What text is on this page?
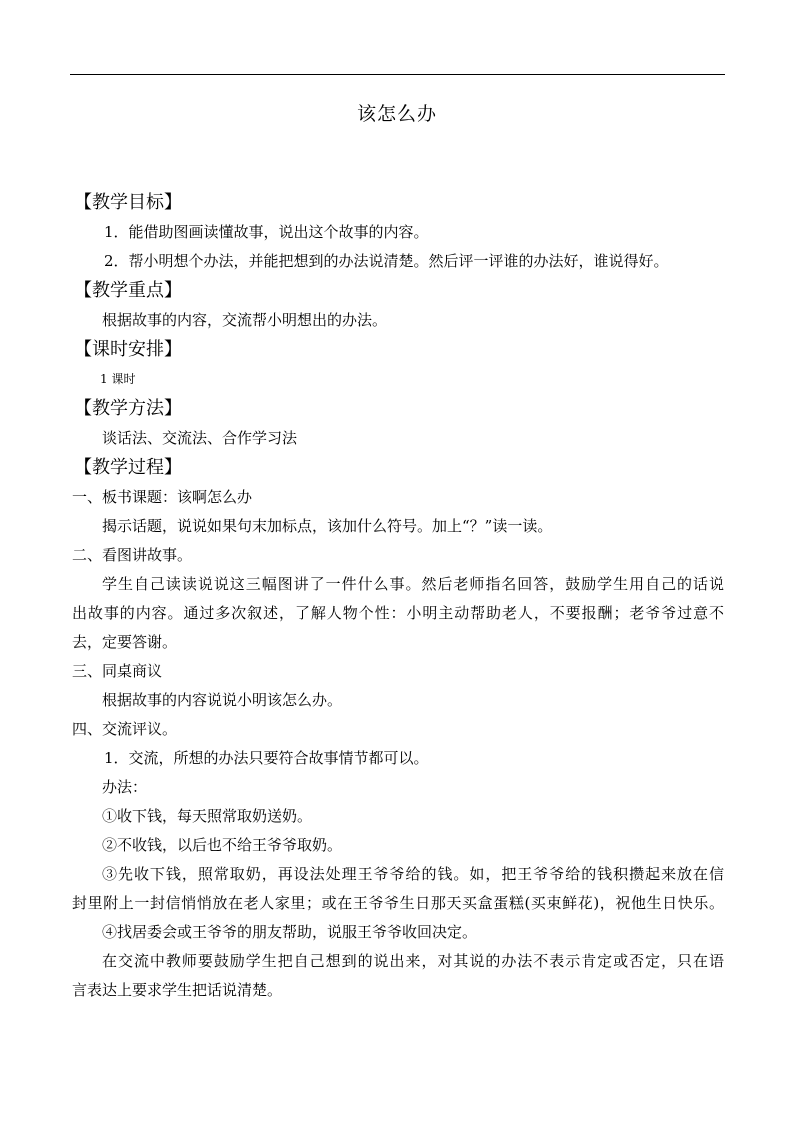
该怎么办
【教学目标】
1．能借助图画读懂故事，说出这个故事的内容。
2．帮小明想个办法，并能把想到的办法说清楚。然后评一评谁的办法好，谁说得好。
【教学重点】
根据故事的内容，交流帮小明想出的办法。
【课时安排】
1 课时
【教学方法】
谈话法、交流法、合作学习法
【教学过程】
一、板书课题：该啊怎么办
揭示话题，说说如果句末加标点，该加什么符号。加上“？”读一读。
二、看图讲故事。
学生自己读读说说这三幅图讲了一件什么事。然后老师指名回答，鼓励学生用自己的话说
出故事的内容。通过多次叙述，了解人物个性：小明主动帮助老人，不要报酬；老爷爷过意不
去，定要答谢。
三、同桌商议
根据故事的内容说说小明该怎么办。
四、交流评议。
1．交流，所想的办法只要符合故事情节都可以。
办法：
①收下钱，每天照常取奶送奶。
②不收钱，以后也不给王爷爷取奶。
③先收下钱，照常取奶，再设法处理王爷爷给的钱。如，把王爷爷给的钱积攒起来放在信
封里附上一封信悄悄放在老人家里；或在王爷爷生日那天买盒蛋糕(买束鲜花)，祝他生日快乐。
④找居委会或王爷爷的朋友帮助，说服王爷爷收回决定。
在交流中教师要鼓励学生把自己想到的说出来，对其说的办法不表示肯定或否定，只在语
言表达上要求学生把话说清楚。
